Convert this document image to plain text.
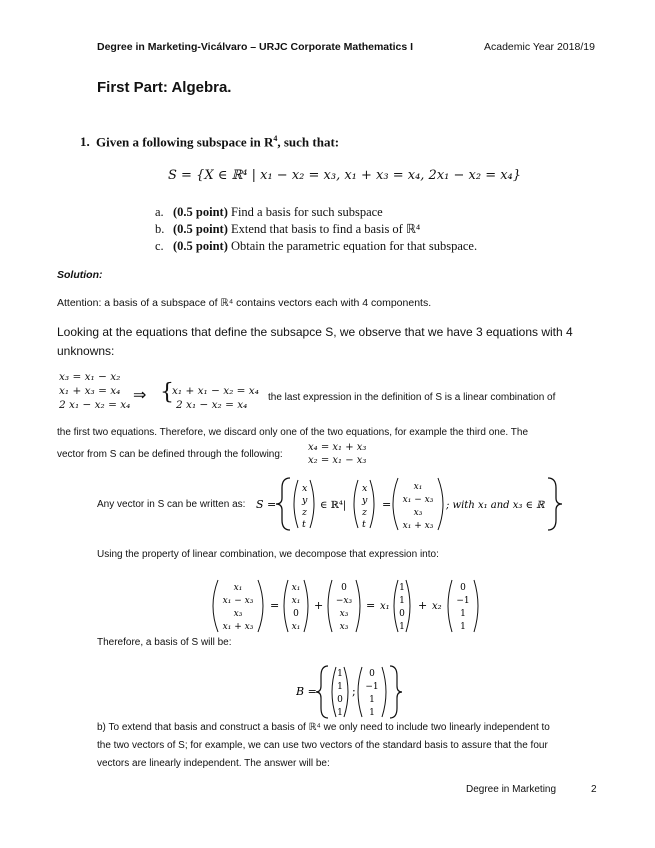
Degree in Marketing-Vicálvaro – URJC Corporate Mathematics I	Academic Year 2018/19
First Part: Algebra.
1. Given a following subspace in $R^4$, such that:
S = {X ∈ ℝ⁴ | x₁ − x₂ = x₃, x₁ + x₃ = x₄, 2x₁ − x₂ = x₄}
a. (0.5 point) Find a basis for such subspace
b. (0.5 point) Extend that basis to find a basis of ℝ⁴
c. (0.5 point) Obtain the parametric equation for that subspace.
Solution:
Attention: a basis of a subspace of ℝ⁴ contains vectors each with 4 components.
Looking at the equations that define the subsapce S, we observe that we have 3 equations with 4
unknowns:
x₃ = x₁ − x₂
x₁ + x₃ = x₄
2 x₁ − x₂ = x₄
⇒ {
x₁ + x₁ − x₂ = x₄
2 x₁ − x₂ = x₄
the last expression in the definition of S is a linear combination of
the first two equations. Therefore, we discard only one of the two equations, for example the third one. The
vector from S can be defined through the following:
x₄ = x₁ + x₃
x₂ = x₁ − x₃
Any vector in S can be written as: S =
x
y
z
t
∈ ℝ⁴|
x
y
z
t
=
x₁
x₁ − x₃
x₃
x₁ + x₃
; with x₁ and x₃ ∈ ℝ
Using the property of linear combination, we decompose that expression into:
x₁
x₁ − x₃
x₃
x₁ + x₃
=
x₁
x₁
0
x₁
+
0
−x₃
x₃
x₃
= x₁
1
1
0
1
+ x₂
0
−1
1
1
Therefore, a basis of S will be:
B =
1
1
0
1
;
0
−1
1
1
b) To extend that basis and construct a basis of ℝ⁴ we only need to include two linearly independent to
the two vectors of S; for example, we can use two vectors of the standard basis to assure that the four
vectors are linearly independent. The answer will be:
Degree in Marketing	2
